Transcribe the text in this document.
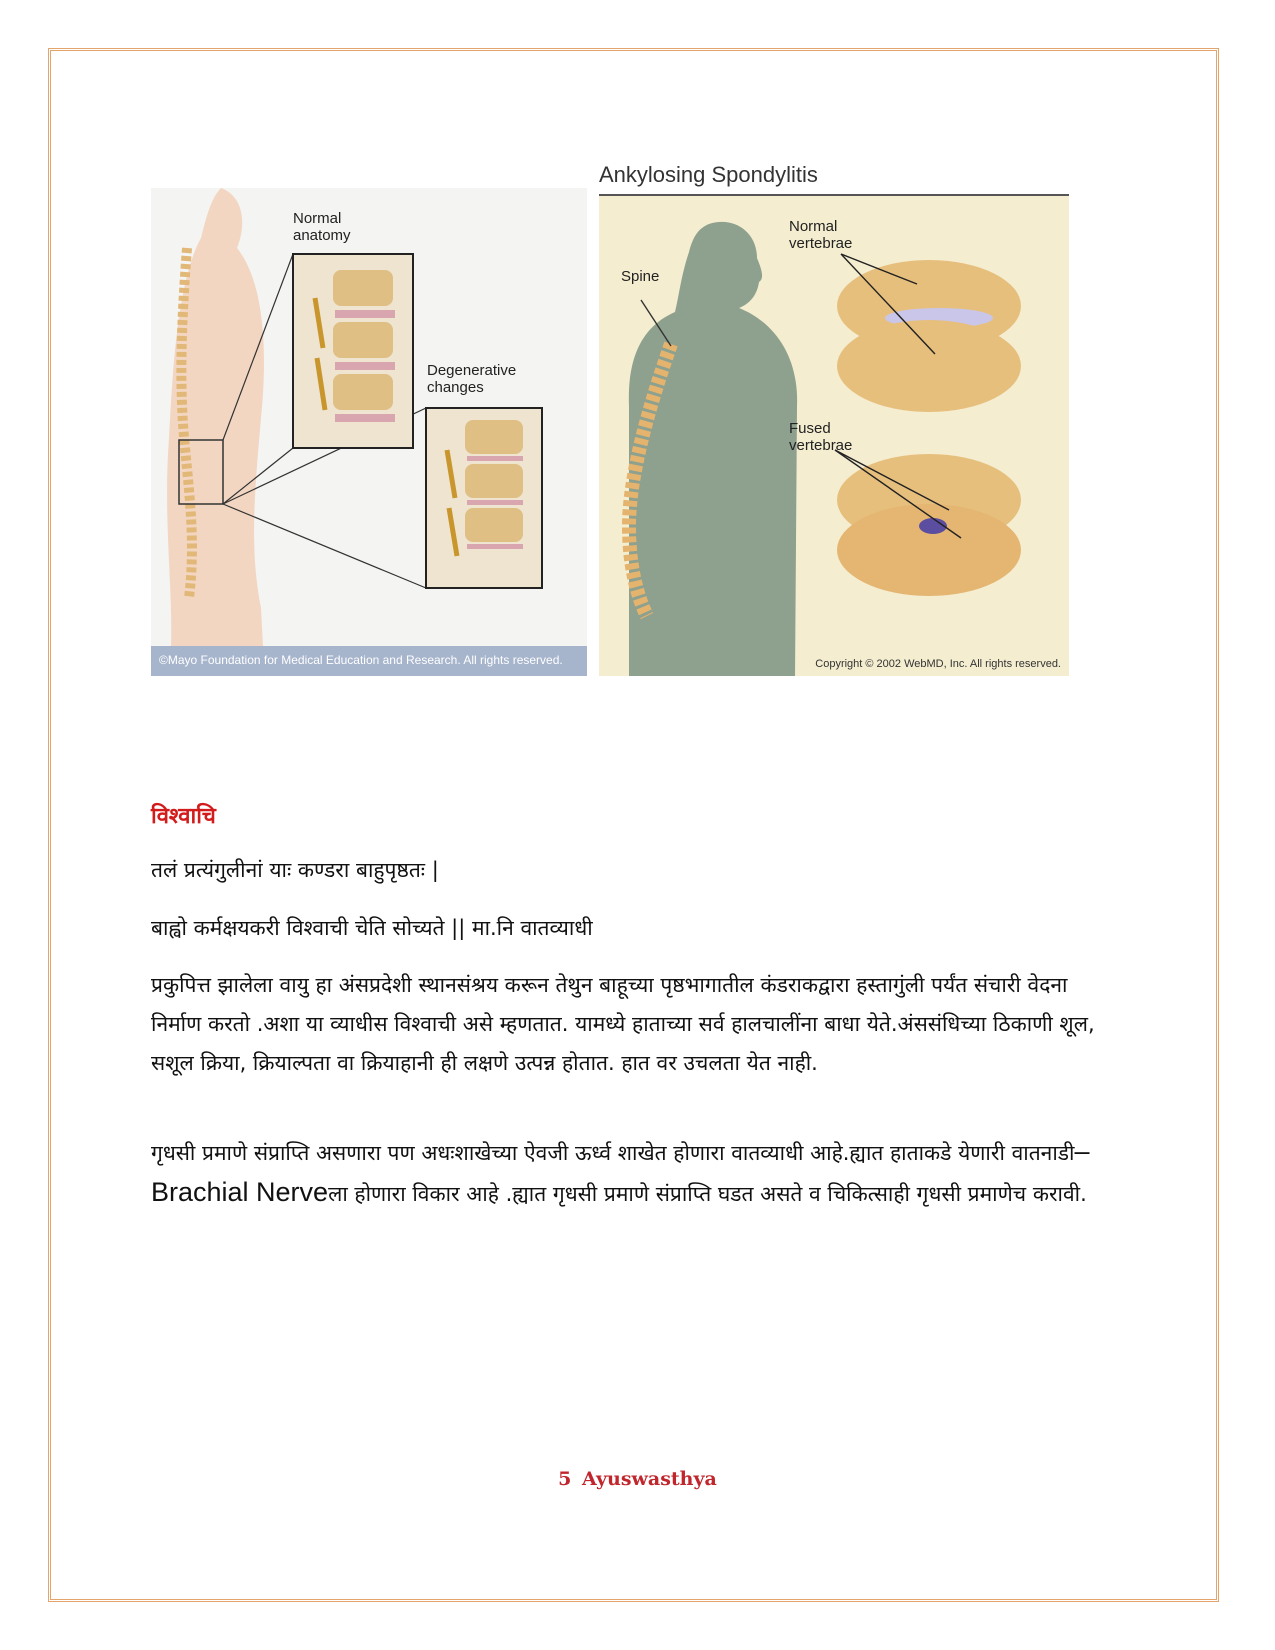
Normal
anatomy
Degenerative
changes
©Mayo Foundation for Medical Education and Research. All rights reserved.
Ankylosing Spondylitis
Spine
Normal
vertebrae
Fused
vertebrae
Copyright © 2002 WebMD, Inc. All rights reserved.
विश्वाचि
तलं प्रत्यंगुलीनां याः कण्डरा बाहुपृष्ठतः |
बाह्वो कर्मक्षयकरी विश्वाची चेति सोच्यते || मा.नि वातव्याधी

प्रकुपित्त झालेला वायु हा अंसप्रदेशी स्थानसंश्रय करून तेथुन बाहूच्या पृष्ठभागातील कंडराकद्वारा हस्तागुंली पर्यंत संचारी वेदना निर्माण करतो .अशा या व्याधीस विश्वाची असे म्हणतात. यामध्ये हाताच्या सर्व हालचालींना बाधा येते.अंससंधिच्या ठिकाणी शूल, सशूल क्रिया, क्रियाल्पता वा क्रियाहानी ही लक्षणे उत्पन्न होतात. हात वर उचलता येत नाही.

गृधसी प्रमाणे संप्राप्ति असणारा पण अधःशाखेच्या ऐवजी ऊर्ध्व शाखेत होणारा वातव्याधी आहे.ह्यात हाताकडे येणारी वातनाडी–Brachial Nerveला होणारा विकार आहे .ह्यात गृधसी प्रमाणे संप्राप्ति घडत असते व चिकित्साही गृधसी प्रमाणेच करावी.

5 Ayuswasthya
